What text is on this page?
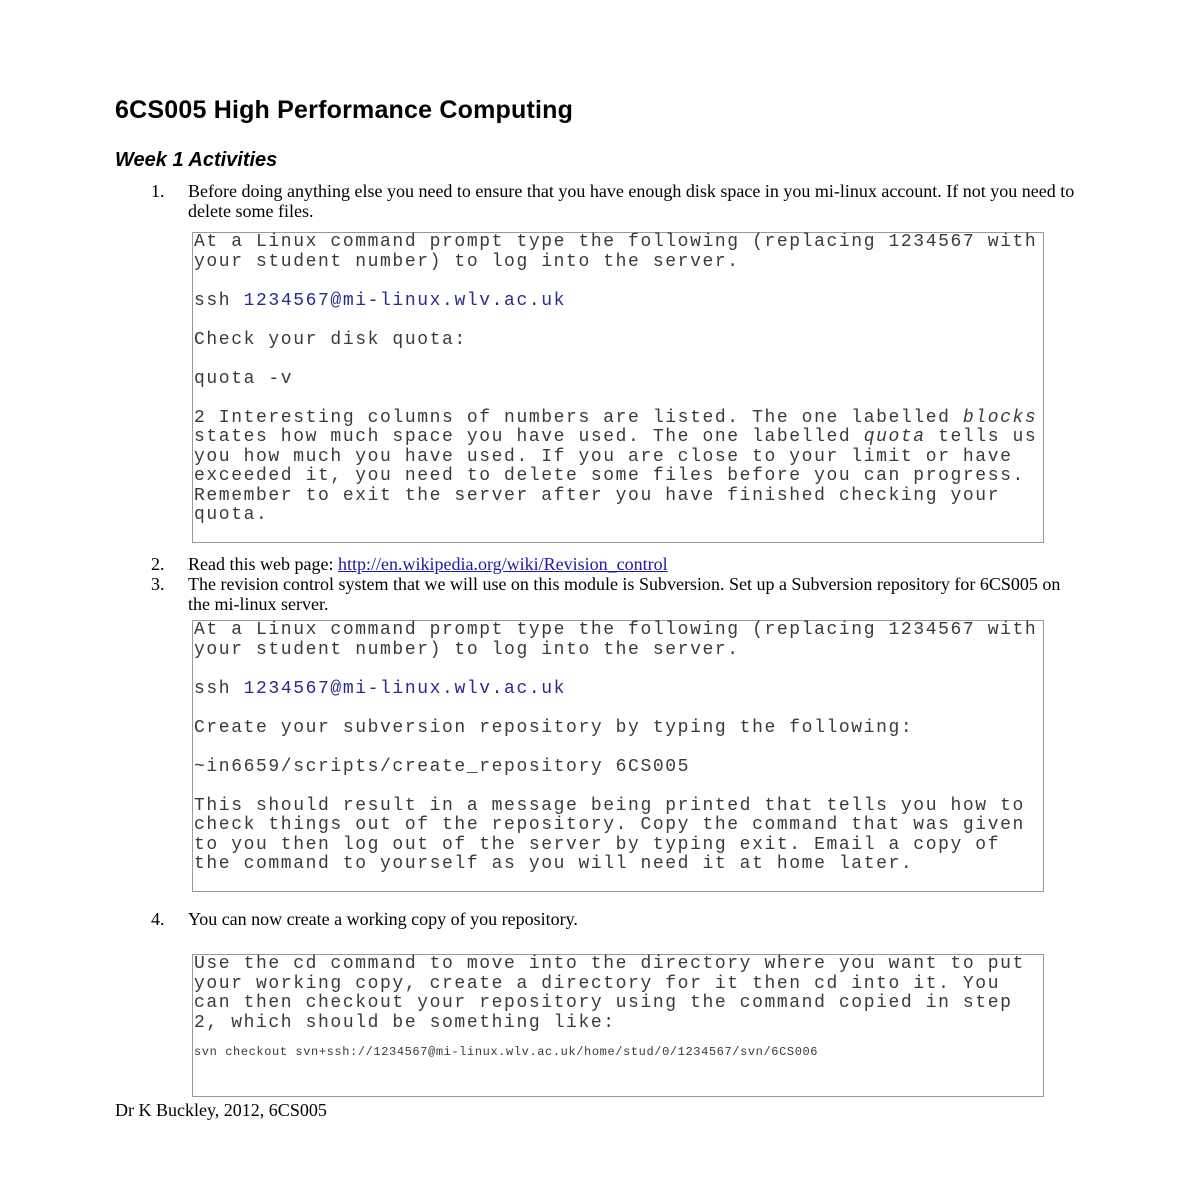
6CS005 High Performance Computing
Week 1 Activities
1. Before doing anything else you need to ensure that you have enough disk space in you mi-linux account. If not you need to delete some files.

At a Linux command prompt type the following (replacing 1234567 with your student number) to log into the server.

ssh 1234567@mi-linux.wlv.ac.uk

Check your disk quota:

quota -v

2 Interesting columns of numbers are listed. The one labelled blocks states how much space you have used. The one labelled quota tells us you how much you have used. If you are close to your limit or have exceeded it, you need to delete some files before you can progress. Remember to exit the server after you have finished checking your quota.

2. Read this web page: http://en.wikipedia.org/wiki/Revision_control
3. The revision control system that we will use on this module is Subversion. Set up a Subversion repository for 6CS005 on the mi-linux server.

At a Linux command prompt type the following (replacing 1234567 with your student number) to log into the server.

ssh 1234567@mi-linux.wlv.ac.uk

Create your subversion repository by typing the following:

~in6659/scripts/create_repository 6CS005

This should result in a message being printed that tells you how to check things out of the repository. Copy the command that was given to you then log out of the server by typing exit. Email a copy of the command to yourself as you will need it at home later.

4. You can now create a working copy of you repository.

Use the cd command to move into the directory where you want to put your working copy, create a directory for it then cd into it. You can then checkout your repository using the command copied in step 2, which should be something like:

svn checkout svn+ssh://1234567@mi-linux.wlv.ac.uk/home/stud/0/1234567/svn/6CS006

Dr K Buckley, 2012, 6CS005
